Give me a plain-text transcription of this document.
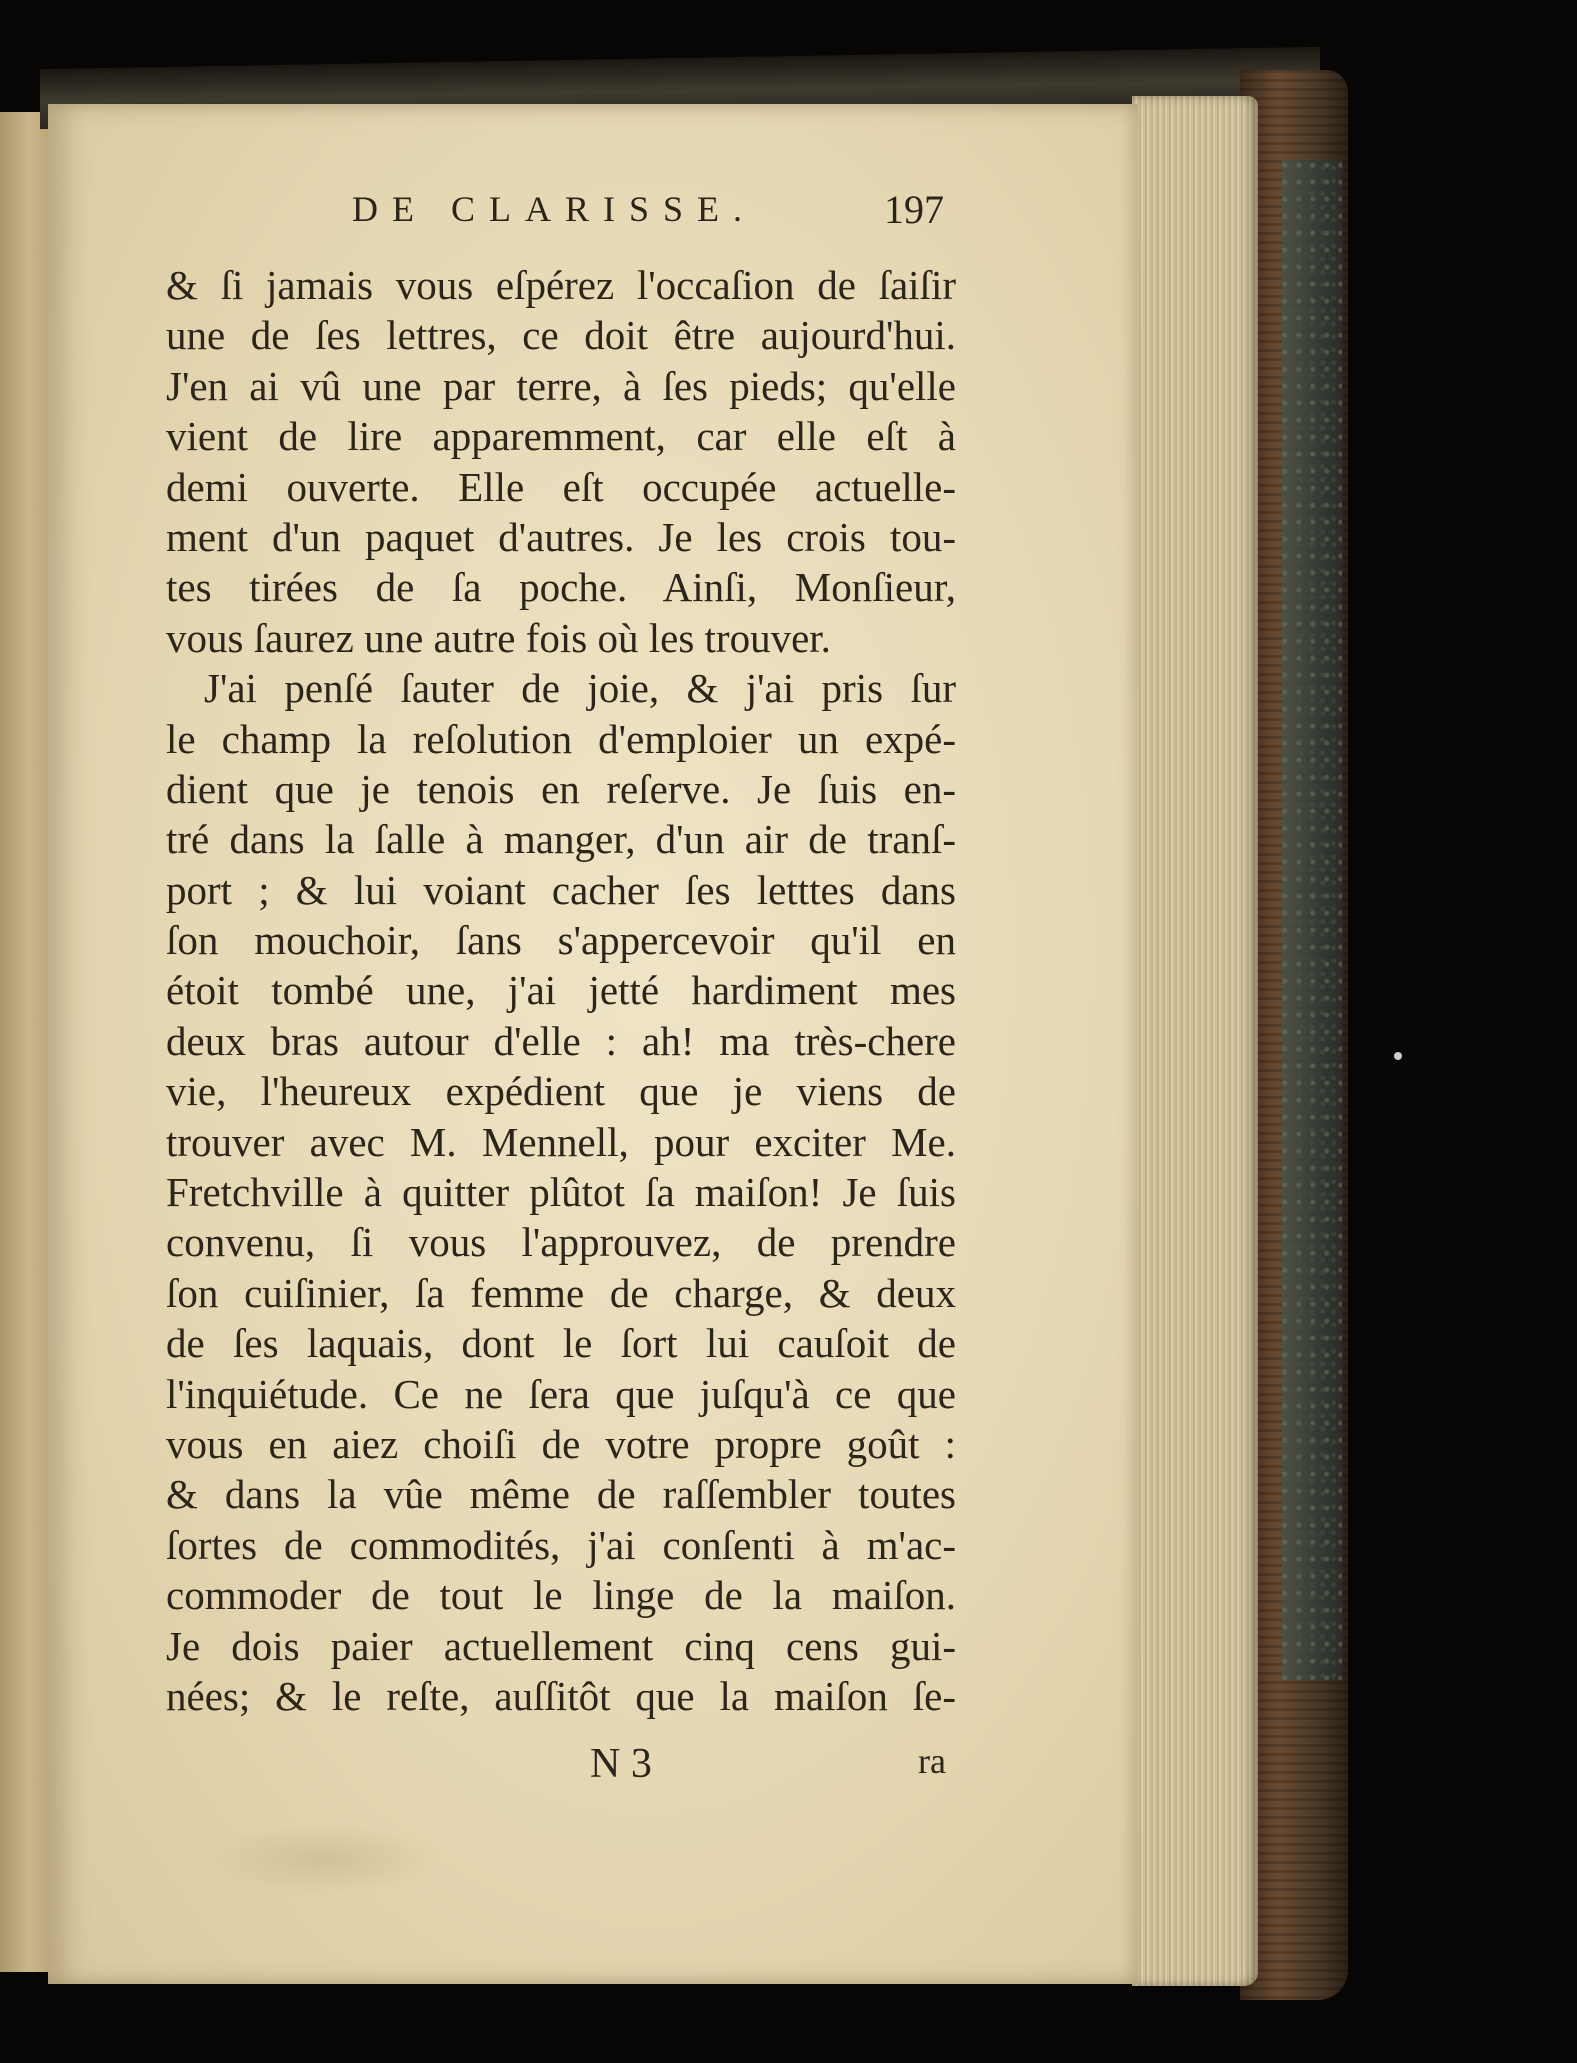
DE CLARISSE.	197
& ſi jamais vous eſpérez l'occaſion de ſaiſir
une de ſes lettres, ce doit être aujourd'hui.
J'en ai vû une par terre, à ſes pieds; qu'elle
vient de lire apparemment, car elle eſt à
demi ouverte. Elle eſt occupée actuelle-
ment d'un paquet d'autres. Je les crois tou-
tes tirées de ſa poche. Ainſi, Monſieur,
vous ſaurez une autre fois où les trouver.
J'ai penſé ſauter de joie, & j'ai pris ſur
le champ la reſolution d'emploier un expé-
dient que je tenois en reſerve. Je ſuis en-
tré dans la ſalle à manger, d'un air de tranſ-
port ; & lui voiant cacher ſes letttes dans
ſon mouchoir, ſans s'appercevoir qu'il en
étoit tombé une, j'ai jetté hardiment mes
deux bras autour d'elle : ah! ma très-chere
vie, l'heureux expédient que je viens de
trouver avec M. Mennell, pour exciter Me.
Fretchville à quitter plûtot ſa maiſon! Je ſuis
convenu, ſi vous l'approuvez, de prendre
ſon cuiſinier, ſa femme de charge, & deux
de ſes laquais, dont le ſort lui cauſoit de
l'inquiétude. Ce ne ſera que juſqu'à ce que
vous en aiez choiſi de votre propre goût :
& dans la vûe même de raſſembler toutes
ſortes de commodités, j'ai conſenti à m'ac-
commoder de tout le linge de la maiſon.
Je dois paier actuellement cinq cens gui-
nées; & le reſte, auſſitôt que la maiſon ſe-
N 3	ra
